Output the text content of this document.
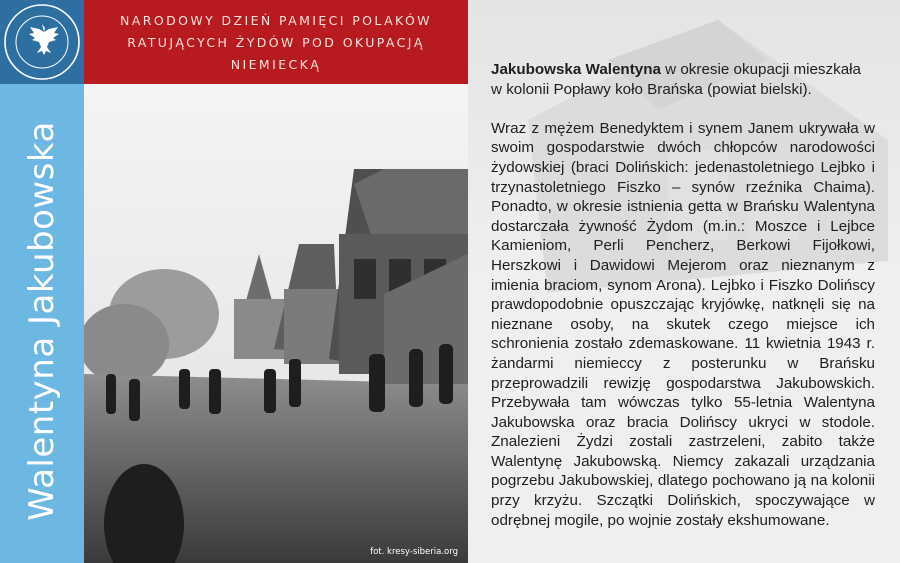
Walentyna Jakubowska
NARODOWY DZIEŃ PAMIĘCI POLAKÓW
RATUJĄCYCH ŻYDÓW POD OKUPACJĄ
NIEMIECKĄ
fot. kresy-siberia.org

Jakubowska Walentyna w okresie okupacji mieszkała w kolonii Popławy koło Brańska (powiat bielski).

Wraz z mężem Benedyktem i synem Janem ukrywała w swoim gospodarstwie dwóch chłopców narodowości żydowskiej (braci Dolińskich: jedenastoletniego Lejbko i trzynastoletniego Fiszko – synów rzeźnika Chaima). Ponadto, w okresie istnienia getta w Brańsku Walentyna dostarczała żywność Żydom (m.in.: Moszce i Lejbce Kamieniom, Perli Pencherz, Berkowi Fijołkowi, Herszkowi i Dawidowi Mejerom oraz nieznanym z imienia braciom, synom Arona). Lejbko i Fiszko Dolińscy prawdopodobnie opuszczając kryjówkę, natknęli się na nieznane osoby, na skutek czego miejsce ich schronienia zostało zdemaskowane. 11 kwietnia 1943 r. żandarmi niemieccy z posterunku w Brańsku przeprowadzili rewizję gospodarstwa Jakubowskich. Przebywała tam wówczas tylko 55-letnia Walentyna Jakubowska oraz bracia Dolińscy ukryci w stodole. Znalezieni Żydzi zostali zastrzeleni, zabito także Walentynę Jakubowską. Niemcy zakazali urządzania pogrzebu Jakubowskiej, dlatego pochowano ją na kolonii przy krzyżu. Szczątki Dolińskich, spoczywające w odrębnej mogile, po wojnie zostały ekshumowane.
